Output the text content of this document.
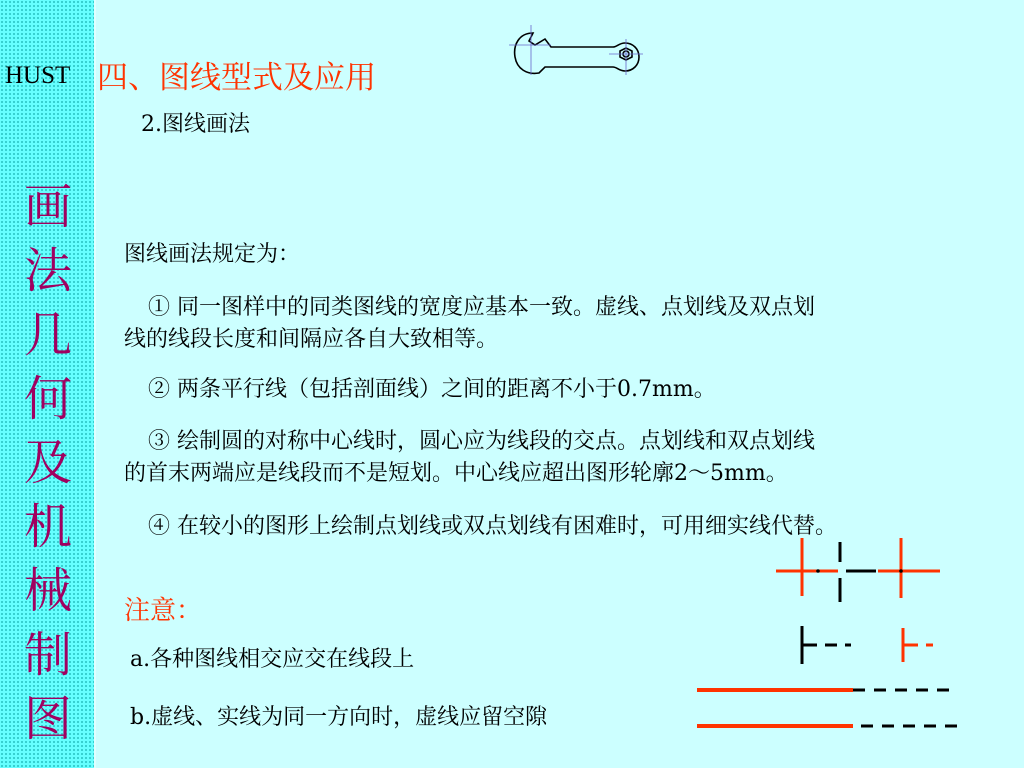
HUST
画法几何及机械制图
四、图线型式及应用
2.图线画法
图线画法规定为：
① 同一图样中的同类图线的宽度应基本一致。虚线、点划线及双点划
线的线段长度和间隔应各自大致相等。
② 两条平行线（包括剖面线）之间的距离不小于0.7mm。
③ 绘制圆的对称中心线时，圆心应为线段的交点。点划线和双点划线
的首末两端应是线段而不是短划。中心线应超出图形轮廓2～5mm。
④ 在较小的图形上绘制点划线或双点划线有困难时，可用细实线代替。
注意：
a.各种图线相交应交在线段上
b.虚线、实线为同一方向时，虚线应留空隙
